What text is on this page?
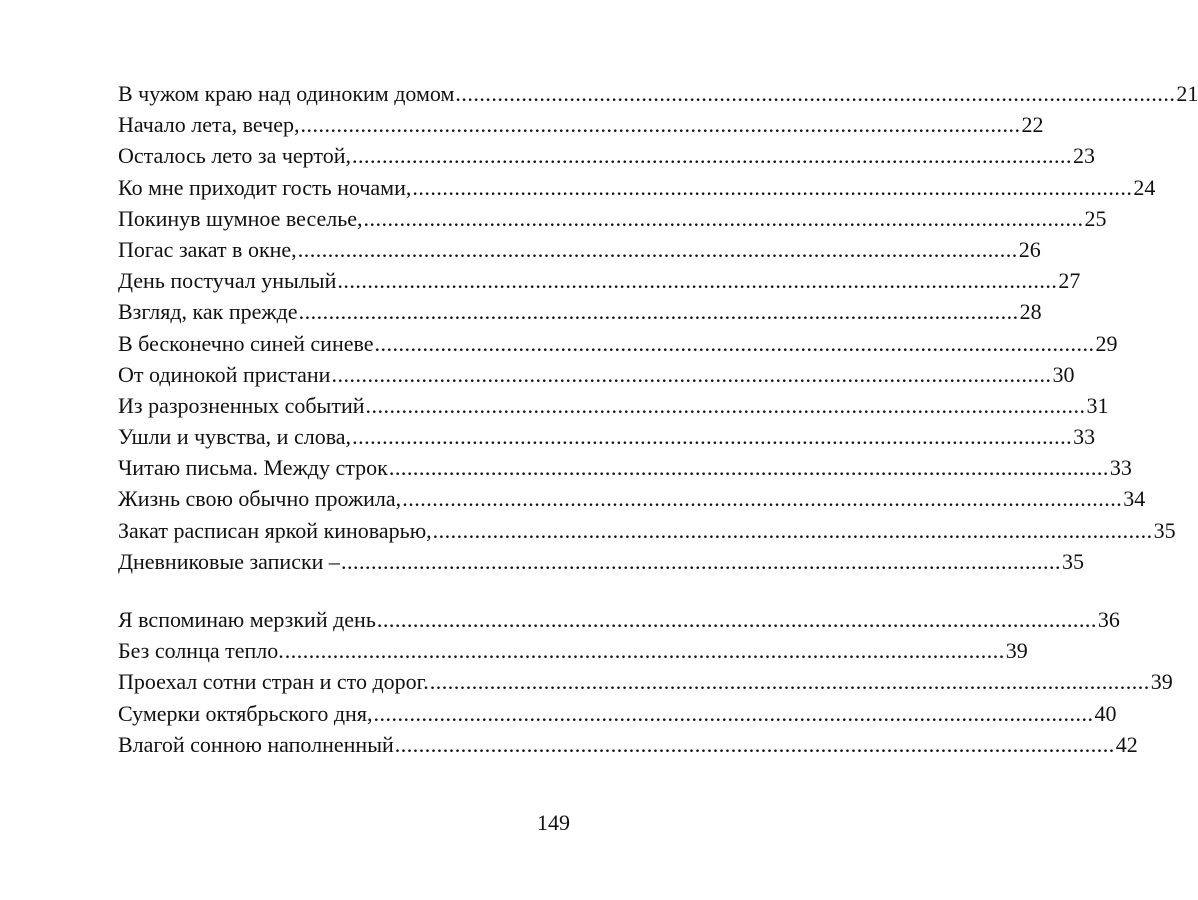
В чужом краю над одиноким домом ........................................................................................................................ 21
Начало лета, вечер, ........................................................................................................................ 22
Осталось лето за чертой, ........................................................................................................................ 23
Ко мне приходит гость ночами, ........................................................................................................................ 24
Покинув шумное веселье, ........................................................................................................................ 25
Погас закат в окне, ........................................................................................................................ 26
День постучал унылый ........................................................................................................................ 27
Взгляд, как прежде ........................................................................................................................ 28
В бесконечно синей синеве ........................................................................................................................ 29
От одинокой пристани ........................................................................................................................ 30
Из разрозненных событий ........................................................................................................................ 31
Ушли и чувства, и слова, ........................................................................................................................ 33
Читаю письма. Между строк ........................................................................................................................ 33
Жизнь свою обычно прожила, ........................................................................................................................ 34
Закат расписан яркой киноварью, ........................................................................................................................ 35
Дневниковые записки – ........................................................................................................................ 35
Я вспоминаю мерзкий день ........................................................................................................................ 36
Без солнца тепло. ........................................................................................................................ 39
Проехал сотни стран и сто дорог. ........................................................................................................................ 39
Сумерки октябрьского дня, ........................................................................................................................ 40
Влагой сонною наполненный ........................................................................................................................ 42
149
